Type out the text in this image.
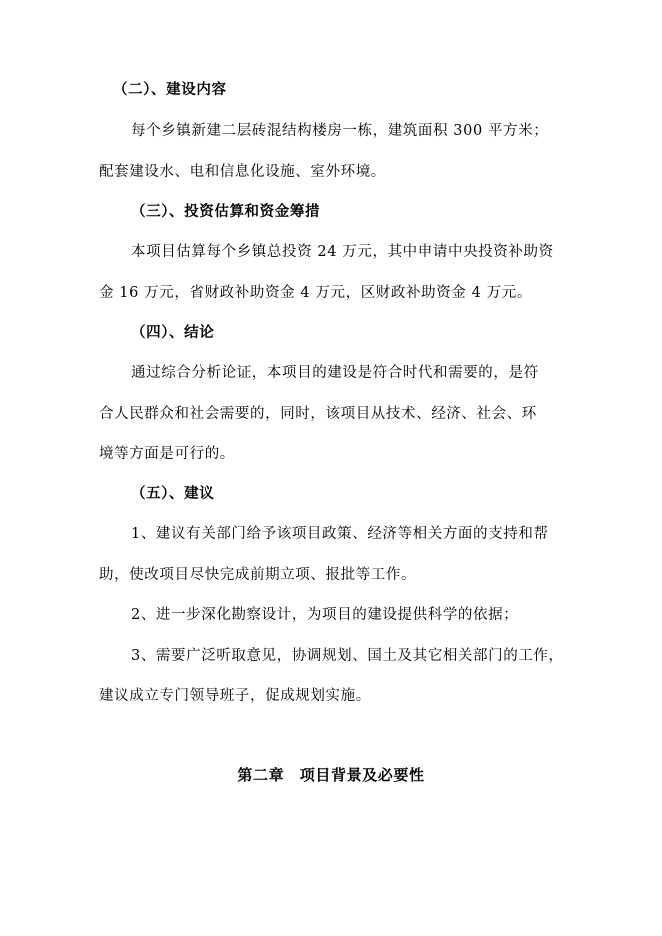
（二）、建设内容
每个乡镇新建二层砖混结构楼房一栋，建筑面积 300 平方米；
配套建设水、电和信息化设施、室外环境。
（三）、投资估算和资金筹措
本项目估算每个乡镇总投资 24 万元，其中申请中央投资补助资
金 16 万元，省财政补助资金 4 万元，区财政补助资金 4 万元。
（四）、结论
通过综合分析论证，本项目的建设是符合时代和需要的，是符
合人民群众和社会需要的，同时，该项目从技术、经济、社会、环
境等方面是可行的。
（五）、建议
1、建议有关部门给予该项目政策、经济等相关方面的支持和帮
助，使改项目尽快完成前期立项、报批等工作。
2、进一步深化勘察设计，为项目的建设提供科学的依据；
3、需要广泛听取意见，协调规划、国土及其它相关部门的工作，
建议成立专门领导班子，促成规划实施。
第二章　项目背景及必要性
